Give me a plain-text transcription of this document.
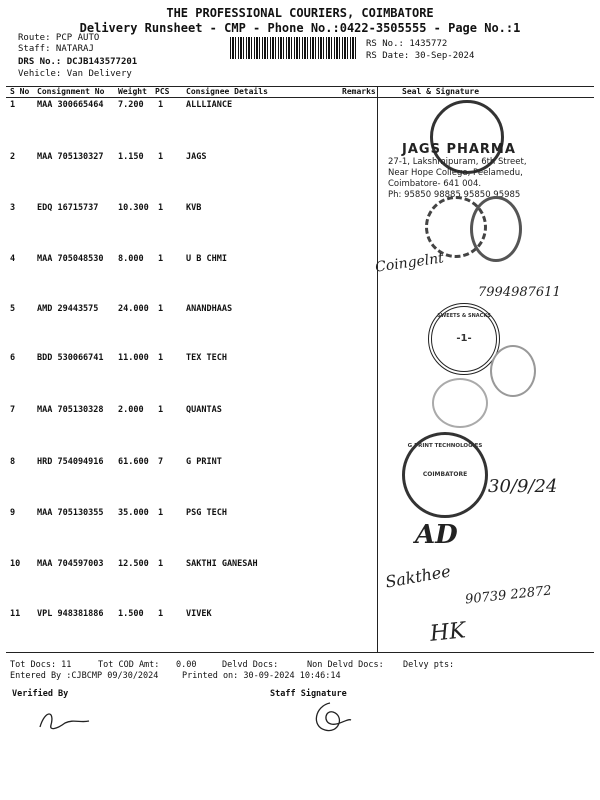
THE PROFESSIONAL COURIERS, COIMBATORE
Delivery Runsheet - CMP - Phone No.:0422-3505555 - Page No.:1
Route: PCP AUTO
Staff: NATARAJ
DRS No.: DCJB143577201
Vehicle: Van Delivery
RS No.: 1435772
RS Date: 30-Sep-2024
S No Consignment No Weight PCS Consignee Details	Remarks	Seal & Signature
1	MAA 300665464 7.200 1	ALLLIANCE
2	MAA 705130327 1.150 1	JAGS
3	EDQ 16715737 10.300 1	KVB
4	MAA 705048530 8.000 1	U B CHMI
5	AMD 29443575 24.000 1	ANANDHAAS
6	BDD 530066741 11.000 1	TEX TECH
7	MAA 705130328 2.000 1	QUANTAS
8	HRD 754094916 61.600 7	G PRINT
9	MAA 705130355 35.000 1	PSG TECH
10 MAA 704597003 12.500 1	SAKTHI GANESAH
11 VPL 948381886 1.500 1	VIVEK
JAGS PHARMA
27-1, Lakshmipuram, 6th Street,
Near Hope College, Peelamedu,
Coimbatore- 641 004.
Ph: 95850 98885 95850 95985
SWEETS & SNACKS
-1-
G PRINT TECHNOLOGIES
COIMBATORE
Coingelnt
7994987611
30/9/24
AD
Sakthee
90739 22872
HK
Tot Docs: 11	Tot COD Amt: 0.00	Delvd Docs:	Non Delvd Docs: Delvy pts:
Entered By :CJBCMP 09/30/2024	Printed on: 30-09-2024 10:46:14
Verified By	Staff Signature
